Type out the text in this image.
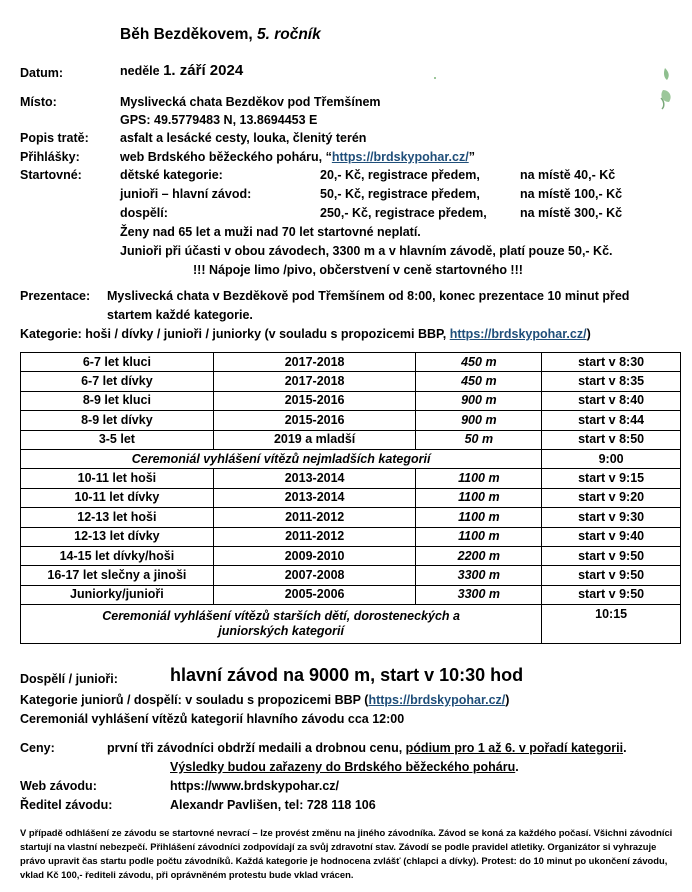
Běh Bezděkovem, 5. ročník
Datum:	neděle 1. září 2024
Místo:	Myslivecká chata Bezděkov pod Třemšínem
GPS: 49.5779483 N, 13.8694453 E
Popis tratě: asfalt a lesácké cesty, louka, členitý terén
Přihlášky:	web Brdského běžeckého poháru, “https://brdskypohar.cz/”
Startovné:	dětské kategorie:	20,- Kč, registrace předem,	na místě 40,- Kč
junioři – hlavní závod:	50,- Kč, registrace předem,	na místě 100,- Kč
dospělí:	250,- Kč, registrace předem,	na místě 300,- Kč
Ženy nad 65 let a muži nad 70 let startovné neplatí.
Junioři při účasti v obou závodech, 3300 m a v hlavním závodě, platí pouze 50,- Kč.
!!! Nápoje limo /pivo, občerstvení v ceně startovného !!!
Prezentace: Myslivecká chata v Bezděkově pod Třemšínem od 8:00, konec prezentace 10 minut před
startem každé kategorie.
Kategorie: hoši / dívky / junioři / juniorky (v souladu s propozicemi BBP, https://brdskypohar.cz/)
6-7 let kluci	2017-2018	450 m	start v 8:30
6-7 let dívky	2017-2018	450 m	start v 8:35
8-9 let kluci	2015-2016	900 m	start v 8:40
8-9 let dívky	2015-2016	900 m	start v 8:44
3-5 let	2019 a mladší	50 m	start v 8:50
Ceremoniál vyhlášení vítězů nejmladších kategorií			9:00
10-11 let hoši	2013-2014	1100 m	start v 9:15
10-11 let dívky	2013-2014	1100 m	start v 9:20
12-13 let hoši	2011-2012	1100 m	start v 9:30
12-13 let dívky	2011-2012	1100 m	start v 9:40
14-15 let dívky/hoši	2009-2010	2200 m	start v 9:50
16-17 let slečny a jinoši	2007-2008	3300 m	start v 9:50
Juniorky/junioři	2005-2006	3300 m	start v 9:50
Ceremoniál vyhlášení vítězů starších dětí, dorosteneckých a juniorských kategorií			10:15
Dospělí / junioři:	hlavní závod na 9000 m, start v 10:30 hod
Kategorie juniorů / dospělí: v souladu s propozicemi BBP (https://brdskypohar.cz/)
Ceremoniál vyhlášení vítězů kategorií hlavního závodu cca 12:00
Ceny:	první tři závodníci obdrží medaili a drobnou cenu, pódium pro 1 až 6. v pořadí kategorii.
Výsledky budou zařazeny do Brdského běžeckého poháru.
Web závodu:	https://www.brdskypohar.cz/
Ředitel závodu:	Alexandr Pavlišen, tel: 728 118 106
V případě odhlášení ze závodu se startovné nevrací – lze provést změnu na jiného závodníka. Závod se koná za každého počasí. Všichni závodníci startují na vlastní nebezpečí. Přihlášení závodníci zodpovídají za svůj zdravotní stav. Závodí se podle pravidel atletiky. Organizátor si vyhrazuje právo upravit čas startu podle počtu závodníků. Každá kategorie je hodnocena zvlášť (chlapci a dívky). Protest: do 10 minut po ukončení závodu, vklad Kč 100,- řediteli závodu, při oprávněném protestu bude vklad vrácen.
